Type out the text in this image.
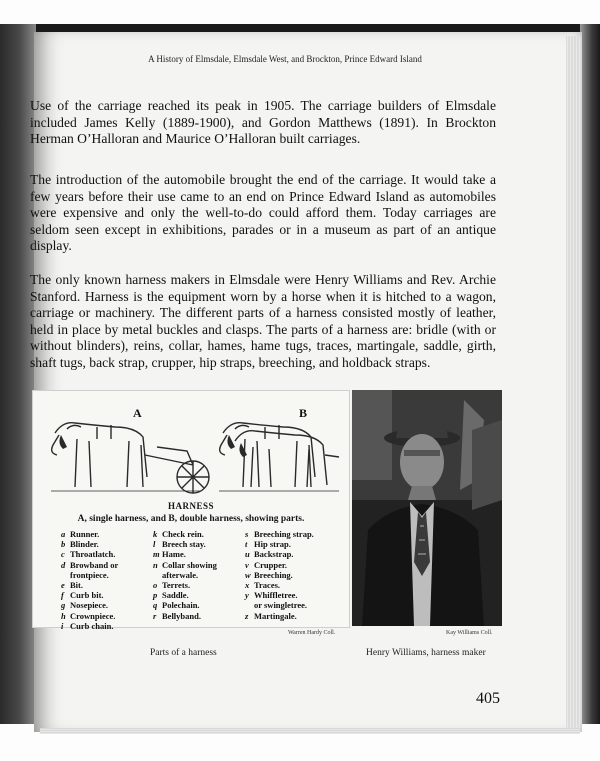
A History of Elmsdale, Elmsdale West, and Brockton, Prince Edward Island

Use of the carriage reached its peak in 1905. The carriage builders of Elmsdale included James Kelly (1889-1900), and Gordon Matthews (1891). In Brockton Herman O’Halloran and Maurice O’Halloran built carriages.

The introduction of the automobile brought the end of the carriage. It would take a few years before their use came to an end on Prince Edward Island as automobiles were expensive and only the well-to-do could afford them. Today carriages are seldom seen except in exhibitions, parades or in a museum as part of an antique display.

The only known harness makers in Elmsdale were Henry Williams and Rev. Archie Stanford. Harness is the equipment worn by a horse when it is hitched to a wagon, carriage or machinery. The different parts of a harness consisted mostly of leather, held in place by metal buckles and clasps. The parts of a harness are: bridle (with or without blinders), reins, collar, hames, hame tugs, traces, martingale, saddle, girth, shaft tugs, back strap, crupper, hip straps, breeching, and holdback straps.

A	B
HARNESS
A, single harness, and B, double harness, showing parts.
a Runner.
b Blinder.
c Throatlatch.
d Browband or
frontpiece.
e Bit.
f Curb bit.
g Nosepiece.
h Crownpiece.
i Curb chain.
k Check rein.
l Breech stay.
m Hame.
n Collar showing
afterwale.
o Terrets.
p Saddle.
q Polechain.
r Bellyband.
s Breeching strap.
t Hip strap.
u Backstrap.
v Crupper.
w Breeching.
x Traces.
y Whiffletree.
or swingletree.
z Martingale.
Warren Hardy Coll.	Kay Williams Coll.
Parts of a harness	Henry Williams, harness maker
405
